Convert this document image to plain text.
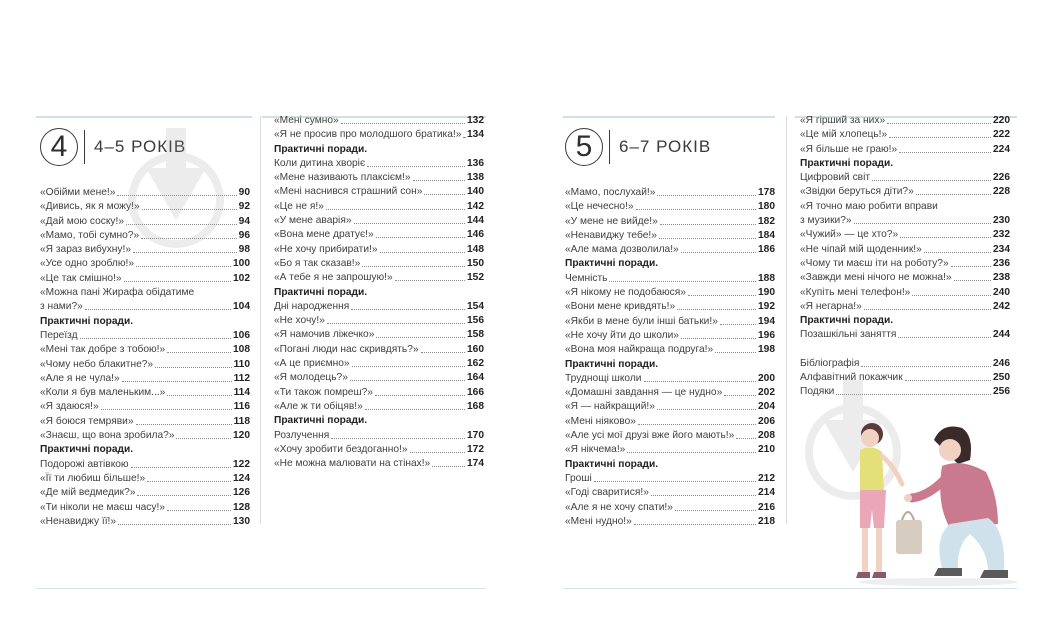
4	4–5 РОКІВ
«Обійми мене!»	90
«Дивись, як я можу!»	92
«Дай мою соску!»	94
«Мамо, тобі сумно?»	96
«Я зараз вибухну!»	98
«Усе одно зроблю!»	100
«Це так смішно!»	102
«Можна пані Жирафа обідатиме
з нами?»	104
Практичні поради.
Переїзд	106
«Мені так добре з тобою!»	108
«Чому небо блакитне?»	110
«Але я не чула!»	112
«Коли я був маленьким...»	114
«Я здаюся!»	116
«Я боюся темряви»	118
«Знаєш, що вона зробила?»	120
Практичні поради.
Подорожі автівкою	122
«Її ти любиш більше!»	124
«Де мій ведмедик?»	126
«Ти ніколи не маєш часу!»	128
«Ненавиджу її!»	130
«Мені сумно»	132
«Я не просив про молодшого братика!» 134
Практичні поради.
Коли дитина хворіє	136
«Мене називають плаксієм!»	138
«Мені наснився страшний сон»	140
«Це не я!»	142
«У мене аварія»	144
«Вона мене дратує!»	146
«Не хочу прибирати!»	148
«Бо я так сказав!»	150
«А тебе я не запрошую!»	152
Практичні поради.
Дні народження	154
«Не хочу!»	156
«Я намочив ліжечко»	158
«Погані люди нас скривдять?»	160
«А це приємно»	162
«Я молодець?»	164
«Ти також помреш?»	166
«Але ж ти обіцяв!»	168
Практичні поради.
Розлучення	170
«Хочу зробити бездоганно!»	172
«Не можна малювати на стінах!»	174
5	6–7 РОКІВ
«Мамо, послухай!»	178
«Це нечесно!»	180
«У мене не вийде!»	182
«Ненавиджу тебе!»	184
«Але мама дозволила!»	186
Практичні поради.
Чемність	188
«Я нікому не подобаюся»	190
«Вони мене кривдять!»	192
«Якби в мене були інші батьки!»	194
«Не хочу йти до школи»	196
«Вона моя найкраща подруга!»	198
Практичні поради.
Труднощі школи	200
«Домашні завдання — це нудно»	202
«Я — найкращий!»	204
«Мені ніяково»	206
«Але усі мої друзі вже його мають!» 208
«Я нікчема!»	210
Практичні поради.
Гроші	212
«Годі сваритися!»	214
«Але я не хочу спати!»	216
«Мені нудно!»	218
«Я гірший за них»	220
«Це мій хлопець!»	222
«Я більше не граю!»	224
Практичні поради.
Цифровий світ	226
«Звідки беруться діти?»	228
«Я точно маю робити вправи
з музики?»	230
«Чужий» — це хто?»	232
«Не чіпай мій щоденник!»	234
«Чому ти маєш іти на роботу?»	236
«Завжди мені нічого не можна!»	238
«Купіть мені телефон!»	240
«Я негарна!»	242
Практичні поради.
Позашкільні заняття	244
Бібліографія	246
Алфавітний покажчик	250
Подяки	256
